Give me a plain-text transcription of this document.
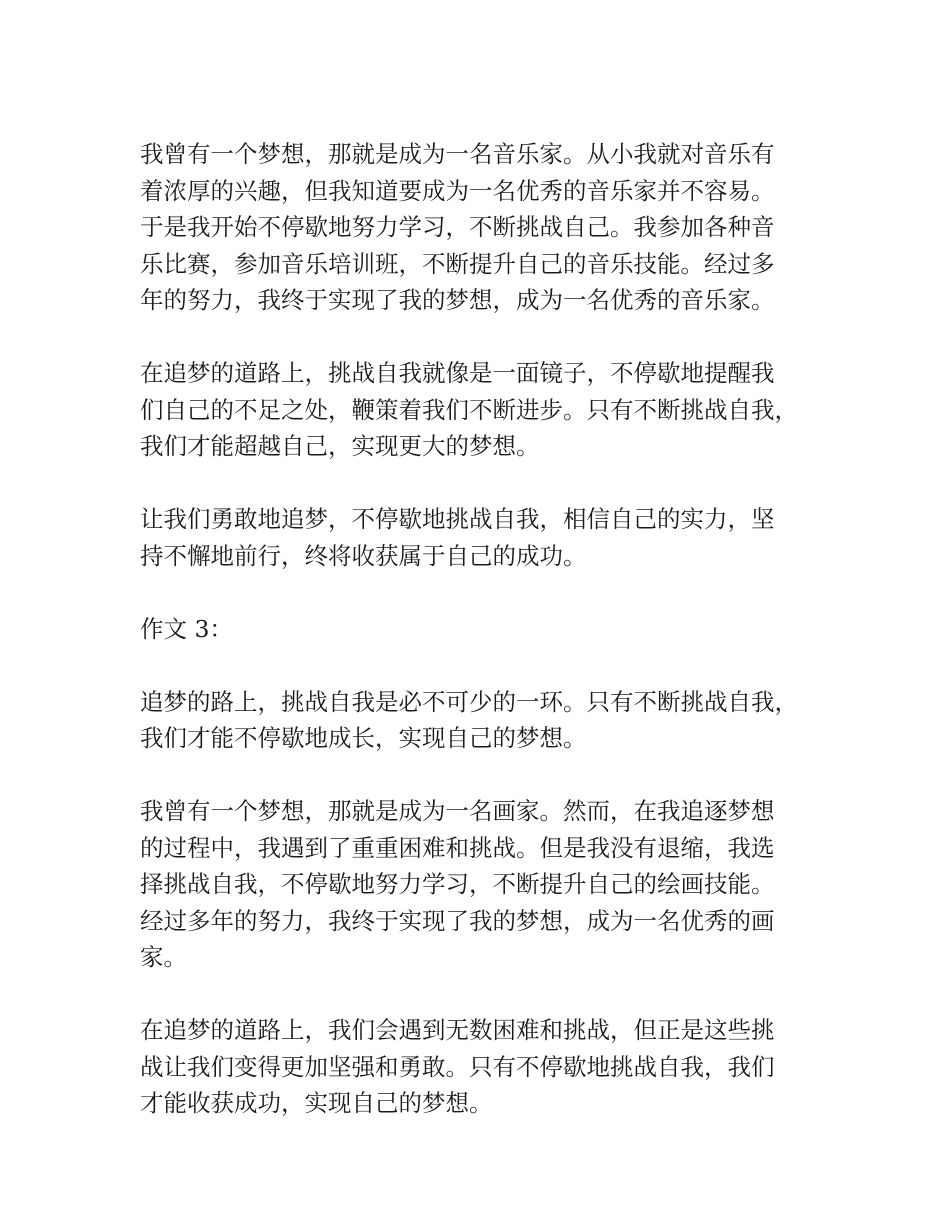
我曾有一个梦想，那就是成为一名音乐家。从小我就对音乐有
着浓厚的兴趣，但我知道要成为一名优秀的音乐家并不容易。
于是我开始不停歇地努力学习，不断挑战自己。我参加各种音
乐比赛，参加音乐培训班，不断提升自己的音乐技能。经过多
年的努力，我终于实现了我的梦想，成为一名优秀的音乐家。
在追梦的道路上，挑战自我就像是一面镜子，不停歇地提醒我
们自己的不足之处，鞭策着我们不断进步。只有不断挑战自我，
我们才能超越自己，实现更大的梦想。
让我们勇敢地追梦，不停歇地挑战自我，相信自己的实力，坚
持不懈地前行，终将收获属于自己的成功。
作文 3：
追梦的路上，挑战自我是必不可少的一环。只有不断挑战自我，
我们才能不停歇地成长，实现自己的梦想。
我曾有一个梦想，那就是成为一名画家。然而，在我追逐梦想
的过程中，我遇到了重重困难和挑战。但是我没有退缩，我选
择挑战自我，不停歇地努力学习，不断提升自己的绘画技能。
经过多年的努力，我终于实现了我的梦想，成为一名优秀的画
家。
在追梦的道路上，我们会遇到无数困难和挑战，但正是这些挑
战让我们变得更加坚强和勇敢。只有不停歇地挑战自我，我们
才能收获成功，实现自己的梦想。
